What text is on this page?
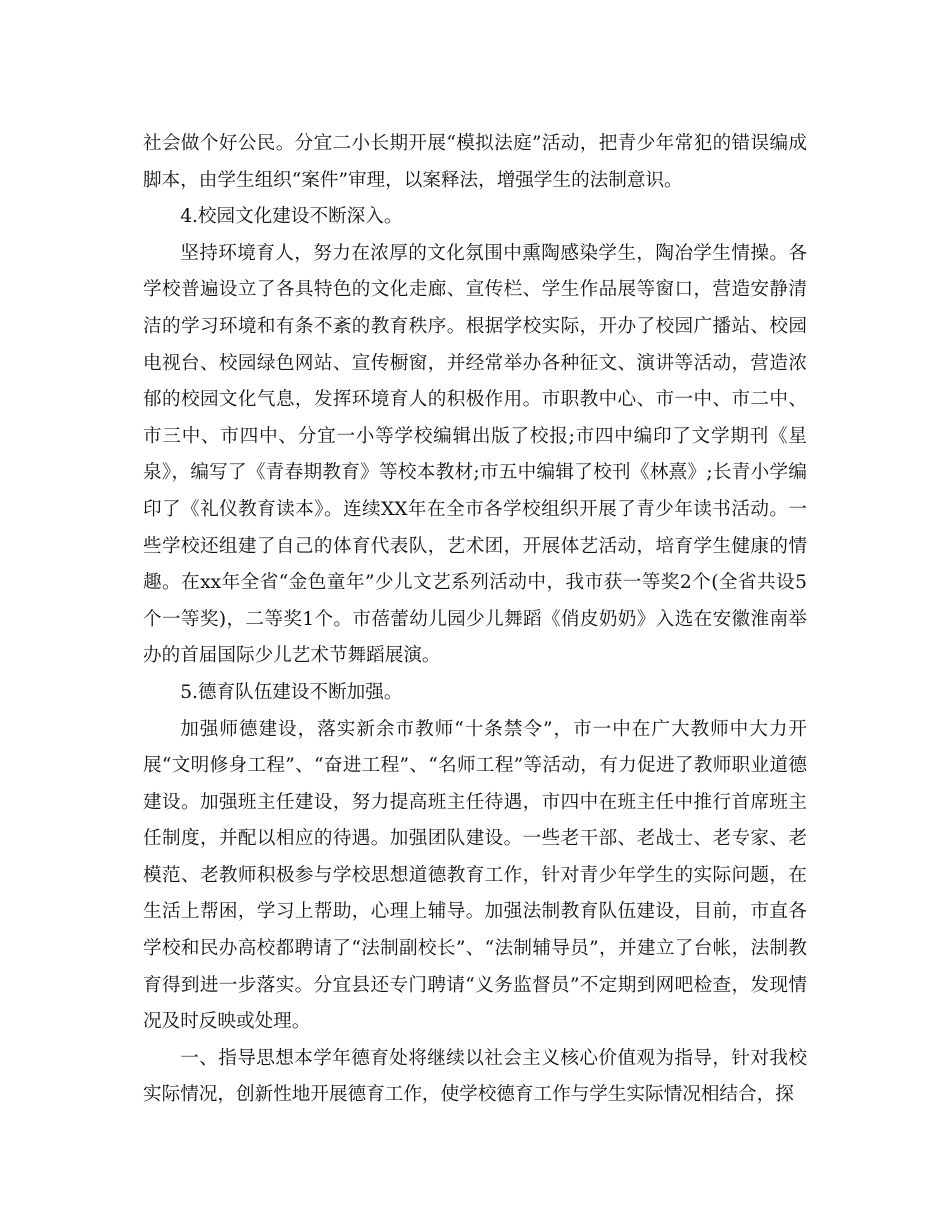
社会做个好公民。分宜二小长期开展“模拟法庭”活动，把青少年常犯的错误编成脚本，由学生组织“案件”审理，以案释法，增强学生的法制意识。

4.校园文化建设不断深入。

坚持环境育人，努力在浓厚的文化氛围中熏陶感染学生，陶冶学生情操。各学校普遍设立了各具特色的文化走廊、宣传栏、学生作品展等窗口，营造安静清洁的学习环境和有条不紊的教育秩序。根据学校实际，开办了校园广播站、校园电视台、校园绿色网站、宣传橱窗，并经常举办各种征文、演讲等活动，营造浓郁的校园文化气息，发挥环境育人的积极作用。市职教中心、市一中、市二中、市三中、市四中、分宜一小等学校编辑出版了校报;市四中编印了文学期刊《星泉》，编写了《青春期教育》等校本教材;市五中编辑了校刊《林熹》;长青小学编印了《礼仪教育读本》。连续XX年在全市各学校组织开展了青少年读书活动。一些学校还组建了自己的体育代表队，艺术团，开展体艺活动，培育学生健康的情趣。在xx年全省“金色童年”少儿文艺系列活动中，我市获一等奖2个(全省共设5个一等奖)，二等奖1个。市蓓蕾幼儿园少儿舞蹈《俏皮奶奶》入选在安徽淮南举办的首届国际少儿艺术节舞蹈展演。

5.德育队伍建设不断加强。

加强师德建设，落实新余市教师“十条禁令”，市一中在广大教师中大力开展“文明修身工程”、“奋进工程”、“名师工程”等活动，有力促进了教师职业道德建设。加强班主任建设，努力提高班主任待遇，市四中在班主任中推行首席班主任制度，并配以相应的待遇。加强团队建设。一些老干部、老战士、老专家、老模范、老教师积极参与学校思想道德教育工作，针对青少年学生的实际问题，在生活上帮困，学习上帮助，心理上辅导。加强法制教育队伍建设，目前，市直各学校和民办高校都聘请了“法制副校长”、“法制辅导员”，并建立了台帐，法制教育得到进一步落实。分宜县还专门聘请“义务监督员”不定期到网吧检查，发现情况及时反映或处理。

一、指导思想本学年德育处将继续以社会主义核心价值观为指导，针对我校实际情况，创新性地开展德育工作，使学校德育工作与学生实际情况相结合，探
